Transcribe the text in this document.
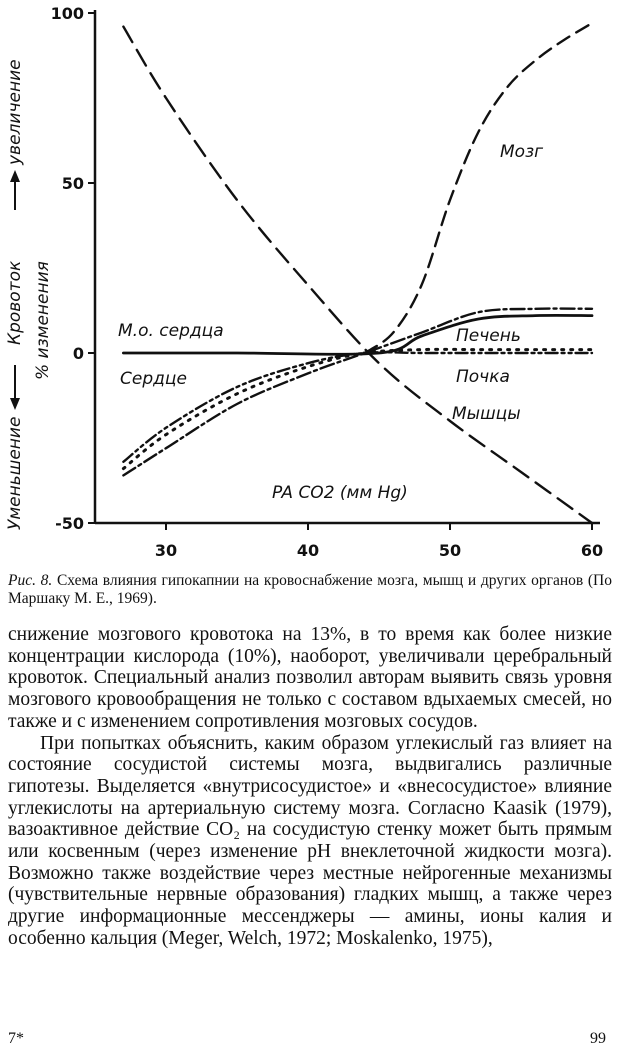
Уменьшение
увеличение
Кровоток % изменения
100
50
0
-50
30	40	50	60
М.о. сердца
Сердце
Мозг
Печень
Почка
Мышцы
PA CO2 (мм Hg)
Рис. 8. Схема влияния гипокапнии на кровоснабжение мозга, мышц и других органов (По Маршаку М. Е., 1969).

снижение мозгового кровотока на 13%, в то время как более низкие концентрации кислорода (10%), наоборот, увеличивали церебральный кровоток. Специальный анализ позволил авторам выявить связь уровня мозгового кровообращения не только с составом вдыхаемых смесей, но также и с изменением сопротивления мозговых сосудов.

При попытках объяснить, каким образом углекислый газ влияет на состояние сосудистой системы мозга, выдвигались различные гипотезы. Выделяется «внутрисосудистое» и «внесосудистое» влияние углекислоты на артериальную систему мозга. Согласно Kaasik (1979), вазоактивное действие CO₂ на сосудистую стенку может быть прямым или косвенным (через изменение pH внеклеточной жидкости мозга). Возможно также воздействие через местные нейрогенные механизмы (чувствительные нервные образования) гладких мышц, а также через другие информационные мессенджеры — амины, ионы калия и особенно кальция (Meger, Welch, 1972; Moskalenko, 1975),

7*	99
